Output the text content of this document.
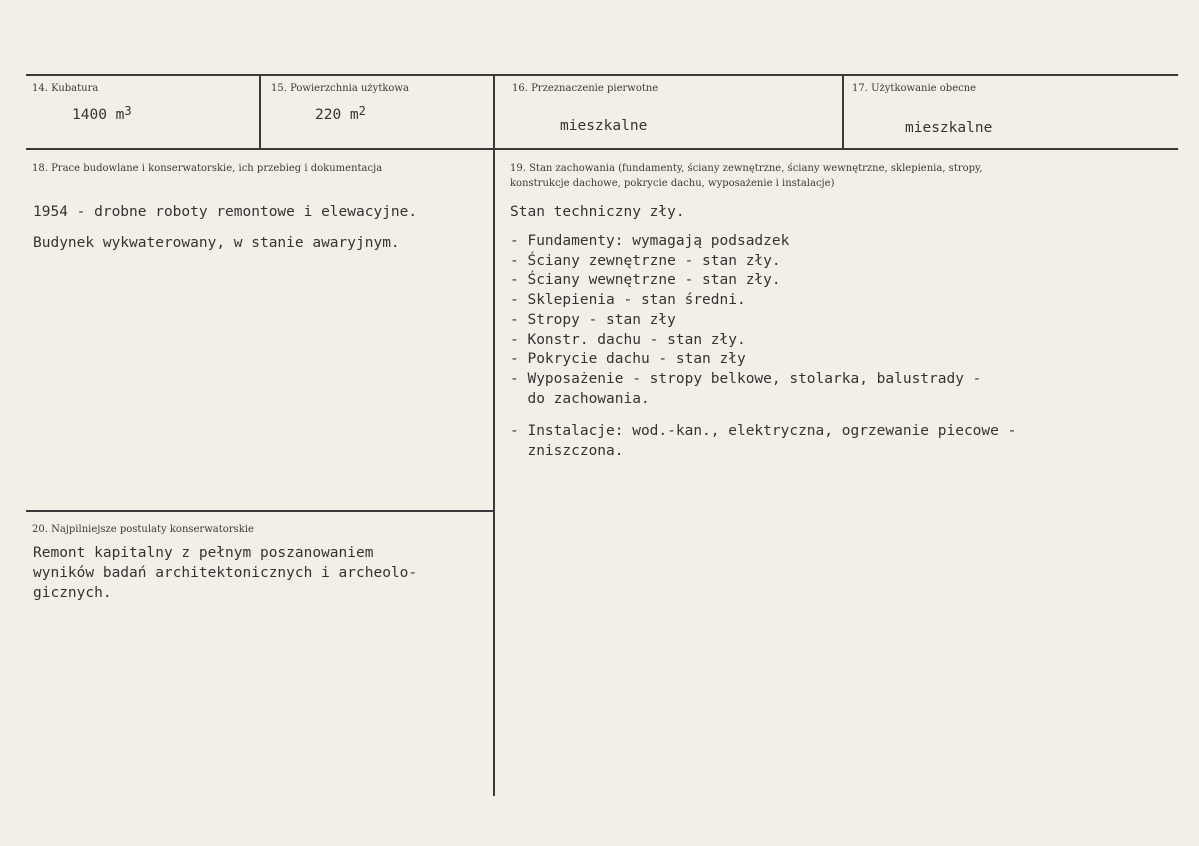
14. Kubatura
1400 $m^3$
15. Powierzchnia użytkowa
220 $m^2$
16. Przeznaczenie pierwotne
mieszkalne
17. Użytkowanie obecne
mieszkalne
18. Prace budowlane i konserwatorskie, ich przebieg i dokumentacja
1954 - drobne roboty remontowe i elewacyjne.
Budynek wykwaterowany, w stanie awaryjnym.
19. Stan zachowania (fundamenty, ściany zewnętrzne, ściany wewnętrzne, sklepienia, stropy,
konstrukcje dachowe, pokrycie dachu, wyposażenie i instalacje)
Stan techniczny zły.
- Fundamenty: wymagają podsadzek
- Ściany zewnętrzne - stan zły.
- Ściany wewnętrzne - stan zły.
- Sklepienia - stan średni.
- Stropy - stan zły
- Konstr. dachu - stan zły.
- Pokrycie dachu - stan zły
- Wyposażenie - stropy belkowe, stolarka, balustrady -
do zachowania.
- Instalacje: wod.-kan., elektryczna, ogrzewanie piecowe -
zniszczona.
20. Najpilniejsze postulaty konserwatorskie
Remont kapitalny z pełnym poszanowaniem
wyników badań architektonicznych i archeolo-
gicznych.
